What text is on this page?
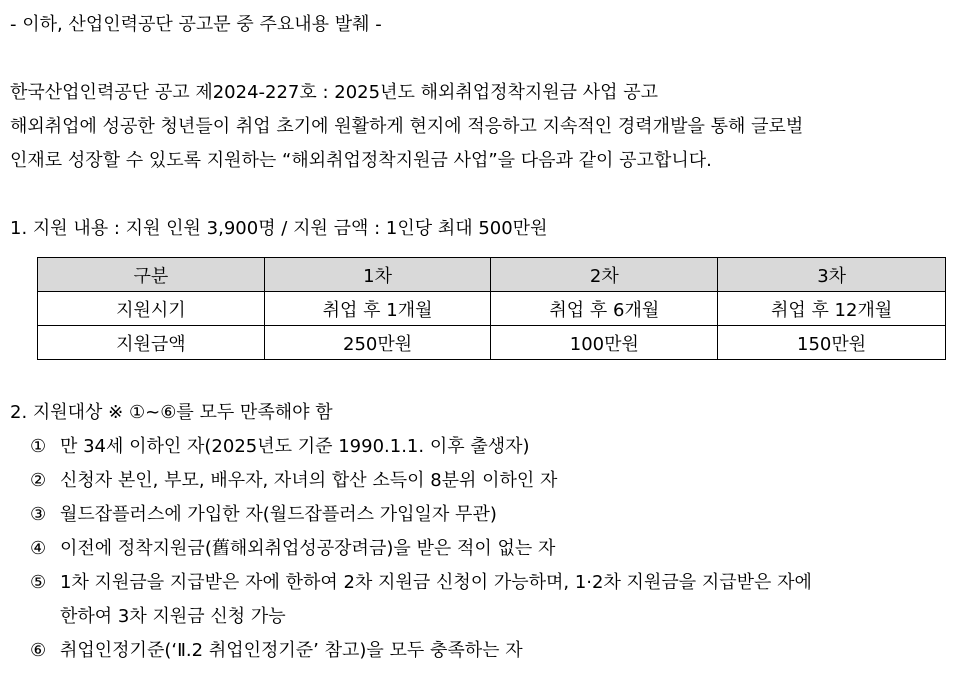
- 이하, 산업인력공단 공고문 중 주요내용 발췌 -
한국산업인력공단 공고 제2024-227호 : 2025년도 해외취업정착지원금 사업 공고
해외취업에 성공한 청년들이 취업 초기에 원활하게 현지에 적응하고 지속적인 경력개발을 통해 글로벌
인재로 성장할 수 있도록 지원하는 “해외취업정착지원금 사업”을 다음과 같이 공고합니다.
1. 지원 내용 : 지원 인원 3,900명 / 지원 금액 : 1인당 최대 500만원
구분	1차	2차	3차
지원시기	취업 후 1개월	취업 후 6개월	취업 후 12개월
지원금액	250만원	100만원	150만원
2. 지원대상 ※ ①~⑥를 모두 만족해야 함
① 만 34세 이하인 자(2025년도 기준 1990.1.1. 이후 출생자)
② 신청자 본인, 부모, 배우자, 자녀의 합산 소득이 8분위 이하인 자
③ 월드잡플러스에 가입한 자(월드잡플러스 가입일자 무관)
④ 이전에 정착지원금(舊해외취업성공장려금)을 받은 적이 없는 자
⑤ 1차 지원금을 지급받은 자에 한하여 2차 지원금 신청이 가능하며, 1·2차 지원금을 지급받은 자에
한하여 3차 지원금 신청 가능
⑥ 취업인정기준(‘Ⅱ.2 취업인정기준’ 참고)을 모두 충족하는 자
